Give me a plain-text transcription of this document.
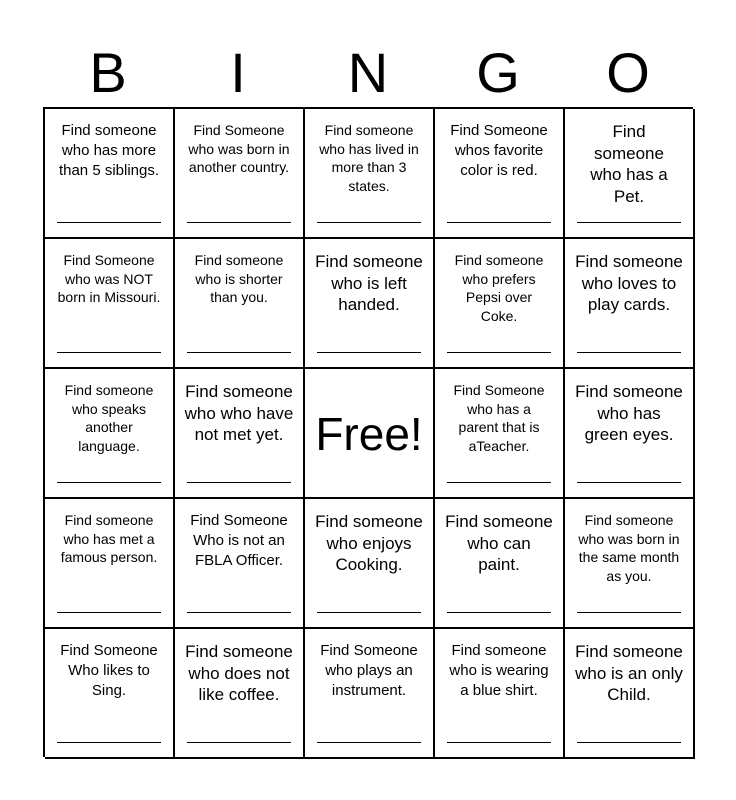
B	I	N	G	O
Find someone
who has more
than 5 siblings.
Find Someone
who was born in
another country.
Find someone
who has lived in
more than 3
states.
Find Someone
whos favorite
color is red.
Find
someone
who has a
Pet.
Find Someone
who was NOT
born in Missouri.
Find someone
who is shorter
than you.
Find someone
who is left
handed.
Find someone
who prefers
Pepsi over
Coke.
Find someone
who loves to
play cards.
Find someone
who speaks
another
language.
Find someone
who who have
not met yet. Free!
Find Someone
who has a
parent that is
aTeacher.
Find someone
who has
green eyes.
Find someone
who has met a
famous person.
Find Someone
Who is not an
FBLA Officer.
Find someone
who enjoys
Cooking.
Find someone
who can
paint.
Find someone
who was born in
the same month
as you.
Find Someone
Who likes to
Sing.
Find someone
who does not
like coffee.
Find Someone
who plays an
instrument.
Find someone
who is wearing
a blue shirt.
Find someone
who is an only
Child.
